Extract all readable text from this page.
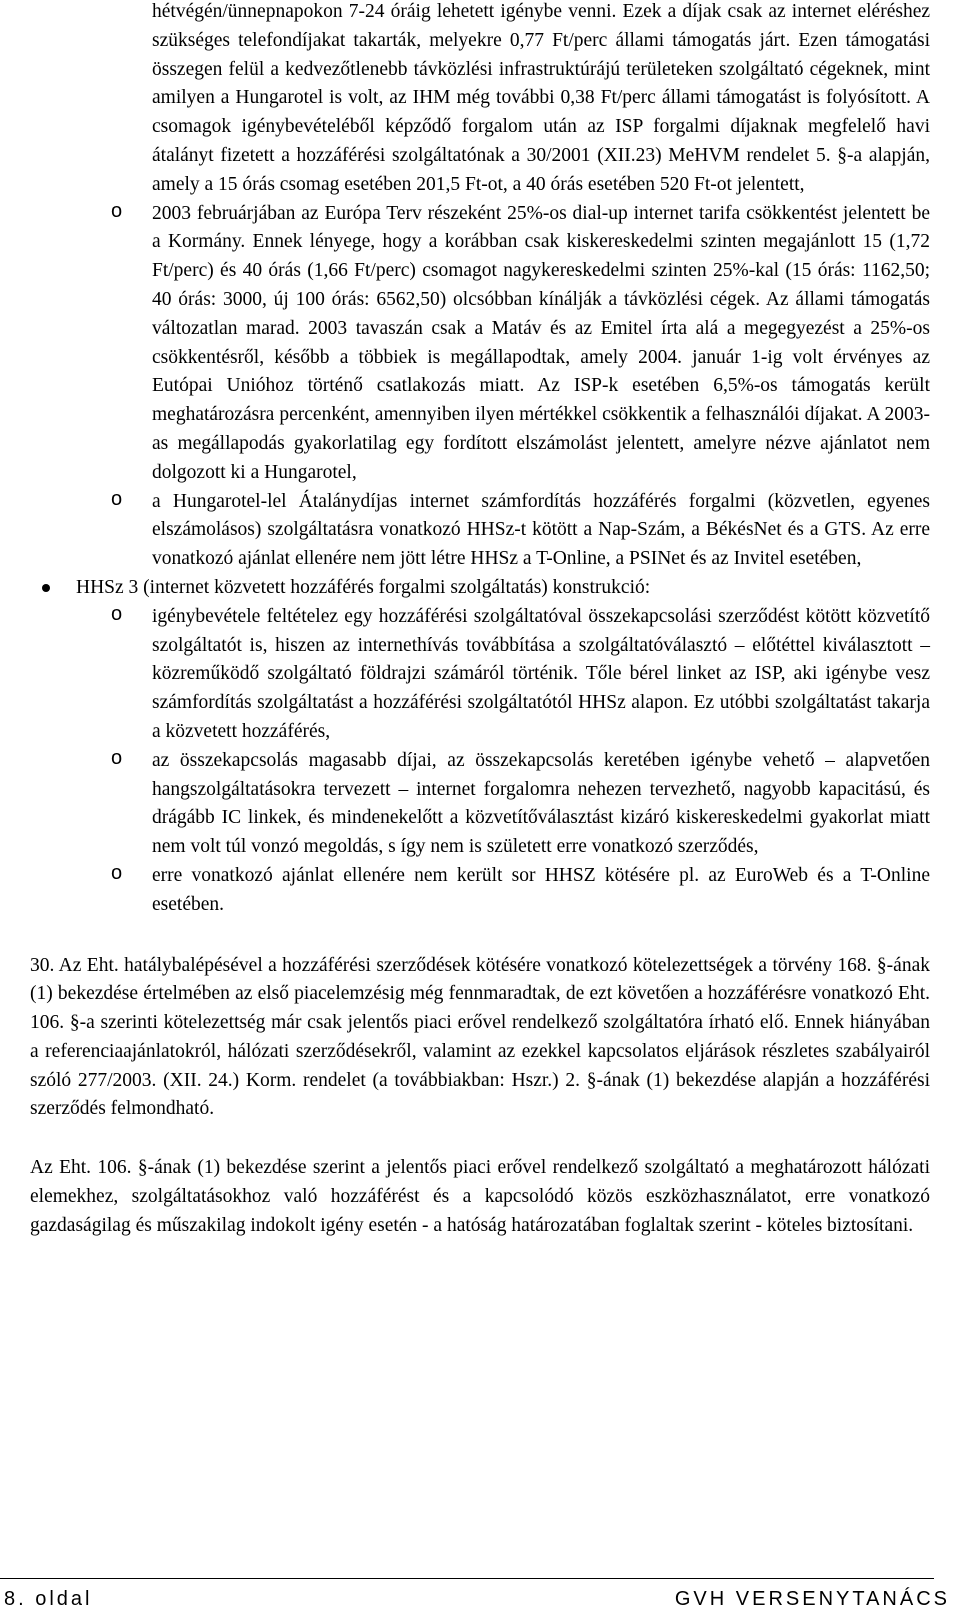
hétvégén/ünnepnapokon 7-24 óráig lehetett igénybe venni. Ezek a díjak csak az internet eléréshez szükséges telefondíjakat takarták, melyekre 0,77 Ft/perc állami támogatás járt. Ezen támogatási összegen felül a kedvezőtlenebb távközlési infrastruktúrájú területeken szolgáltató cégeknek, mint amilyen a Hungarotel is volt, az IHM még további 0,38 Ft/perc állami támogatást is folyósított. A csomagok igénybevételéből képződő forgalom után az ISP forgalmi díjaknak megfelelő havi átalányt fizetett a hozzáférési szolgáltatónak a 30/2001 (XII.23) MeHVM rendelet 5. §-a alapján, amely a 15 órás csomag esetében 201,5 Ft-ot, a 40 órás esetében 520 Ft-ot jelentett,

o	2003 februárjában az Európa Terv részeként 25%-os dial-up internet tarifa csökkentést jelentett be a Kormány. Ennek lényege, hogy a korábban csak kiskereskedelmi szinten megajánlott 15 (1,72 Ft/perc) és 40 órás (1,66 Ft/perc) csomagot nagykereskedelmi szinten 25%-kal (15 órás: 1162,50; 40 órás: 3000, új 100 órás: 6562,50) olcsóbban kínálják a távközlési cégek. Az állami támogatás változatlan marad. 2003 tavaszán csak a Matáv és az Emitel írta alá a megegyezést a 25%-os csökkentésről, később a többiek is megállapodtak, amely 2004. január 1-ig volt érvényes az Eutópai Unióhoz történő csatlakozás miatt. Az ISP-k esetében 6,5%-os támogatás került meghatározásra percenként, amennyiben ilyen mértékkel csökkentik a felhasználói díjakat. A 2003-as megállapodás gyakorlatilag egy fordított elszámolást jelentett, amelyre nézve ajánlatot nem dolgozott ki a Hungarotel,

o	a Hungarotel-lel Átalánydíjas internet számfordítás hozzáférés forgalmi (közvetlen, egyenes elszámolásos) szolgáltatásra vonatkozó HHSz-t kötött a Nap-Szám, a BékésNet és a GTS. Az erre vonatkozó ajánlat ellenére nem jött létre HHSz a T-Online, a PSINet és az Invitel esetében,

HHSz 3 (internet közvetett hozzáférés forgalmi szolgáltatás) konstrukció:

o	igénybevétele feltételez egy hozzáférési szolgáltatóval összekapcsolási szerződést kötött közvetítő szolgáltatót is, hiszen az internethívás továbbítása a szolgáltatóválasztó – előtéttel kiválasztott – közreműködő szolgáltató földrajzi számáról történik. Tőle bérel linket az ISP, aki igénybe vesz számfordítás szolgáltatást a hozzáférési szolgáltatótól HHSz alapon. Ez utóbbi szolgáltatást takarja a közvetett hozzáférés,

o	az összekapcsolás magasabb díjai, az összekapcsolás keretében igénybe vehető – alapvetően hangszolgáltatásokra tervezett – internet forgalomra nehezen tervezhető, nagyobb kapacitású, és drágább IC linkek, és mindenekelőtt a közvetítőválasztást kizáró kiskereskedelmi gyakorlat miatt nem volt túl vonzó megoldás, s így nem is született erre vonatkozó szerződés,

o	erre vonatkozó ajánlat ellenére nem került sor HHSZ kötésére pl. az EuroWeb és a T-Online esetében.

30. Az Eht. hatálybalépésével a hozzáférési szerződések kötésére vonatkozó kötelezettségek a törvény 168. §-ának (1) bekezdése értelmében az első piacelemzésig még fennmaradtak, de ezt követően a hozzáférésre vonatkozó Eht. 106. §-a szerinti kötelezettség már csak jelentős piaci erővel rendelkező szolgáltatóra írható elő. Ennek hiányában a referenciaajánlatokról, hálózati szerződésekről, valamint az ezekkel kapcsolatos eljárások részletes szabályairól szóló 277/2003. (XII. 24.) Korm. rendelet (a továbbiakban: Hszr.) 2. §-ának (1) bekezdése alapján a hozzáférési szerződés felmondható.

Az Eht. 106. §-ának (1) bekezdése szerint a jelentős piaci erővel rendelkező szolgáltató a meghatározott hálózati elemekhez, szolgáltatásokhoz való hozzáférést és a kapcsolódó közös eszközhasználatot, erre vonatkozó gazdaságilag és műszakilag indokolt igény esetén - a hatóság határozatában foglaltak szerint - köteles biztosítani.

8. oldal	GVH VERSENYTANÁCS
